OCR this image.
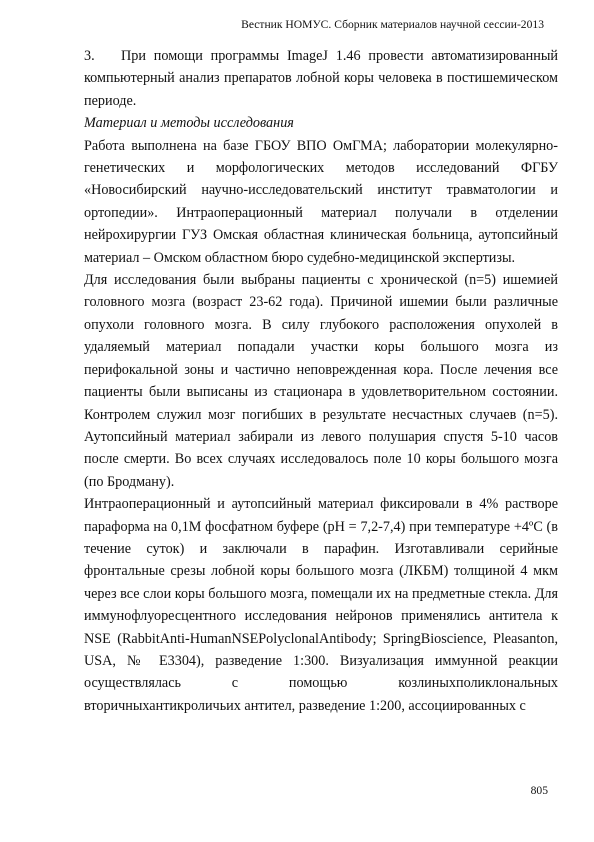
Вестник НОМУС. Сборник материалов научной сессии-2013

3. При помощи программы ImageJ 1.46 провести автоматизированный компьютерный анализ препаратов лобной коры человека в постишемическом периоде.

Материал и методы исследования

Работа выполнена на базе ГБОУ ВПО ОмГМА; лаборатории молекулярно-генетических и морфологических методов исследований ФГБУ «Новосибирский научно-исследовательский институт травматологии и ортопедии». Интраоперационный материал получали в отделении нейрохирургии ГУЗ Омская областная клиническая больница, аутопсийный материал – Омском областном бюро судебно-медицинской экспертизы.

Для исследования были выбраны пациенты с хронической (n=5) ишемией головного мозга (возраст 23-62 года). Причиной ишемии были различные опухоли головного мозга. В силу глубокого расположения опухолей в удаляемый материал попадали участки коры большого мозга из перифокальной зоны и частично неповрежденная кора. После лечения все пациенты были выписаны из стационара в удовлетворительном состоянии. Контролем служил мозг погибших в результате несчастных случаев (n=5). Аутопсийный материал забирали из левого полушария спустя 5-10 часов после смерти. Во всех случаях исследовалось поле 10 коры большого мозга (по Бродману).

Интраоперационный и аутопсийный материал фиксировали в 4% растворе параформа на 0,1М фосфатном буфере (pH = 7,2-7,4) при температуре +4ºС (в течение суток) и заключали в парафин. Изготавливали серийные фронтальные срезы лобной коры большого мозга (ЛКБМ) толщиной 4 мкм через все слои коры большого мозга, помещали их на предметные стекла. Для иммунофлуоресцентного исследования нейронов применялись антитела к NSE (RabbitAnti-HumanNSEPolyclonalAntibody; SpringBioscience, Pleasanton, USA, № E3304), разведение 1:300. Визуализация иммунной реакции осуществлялась с помощью козлиныхполиклональных вторичныхантикроличьих антител, разведение 1:200, ассоциированных с

805
